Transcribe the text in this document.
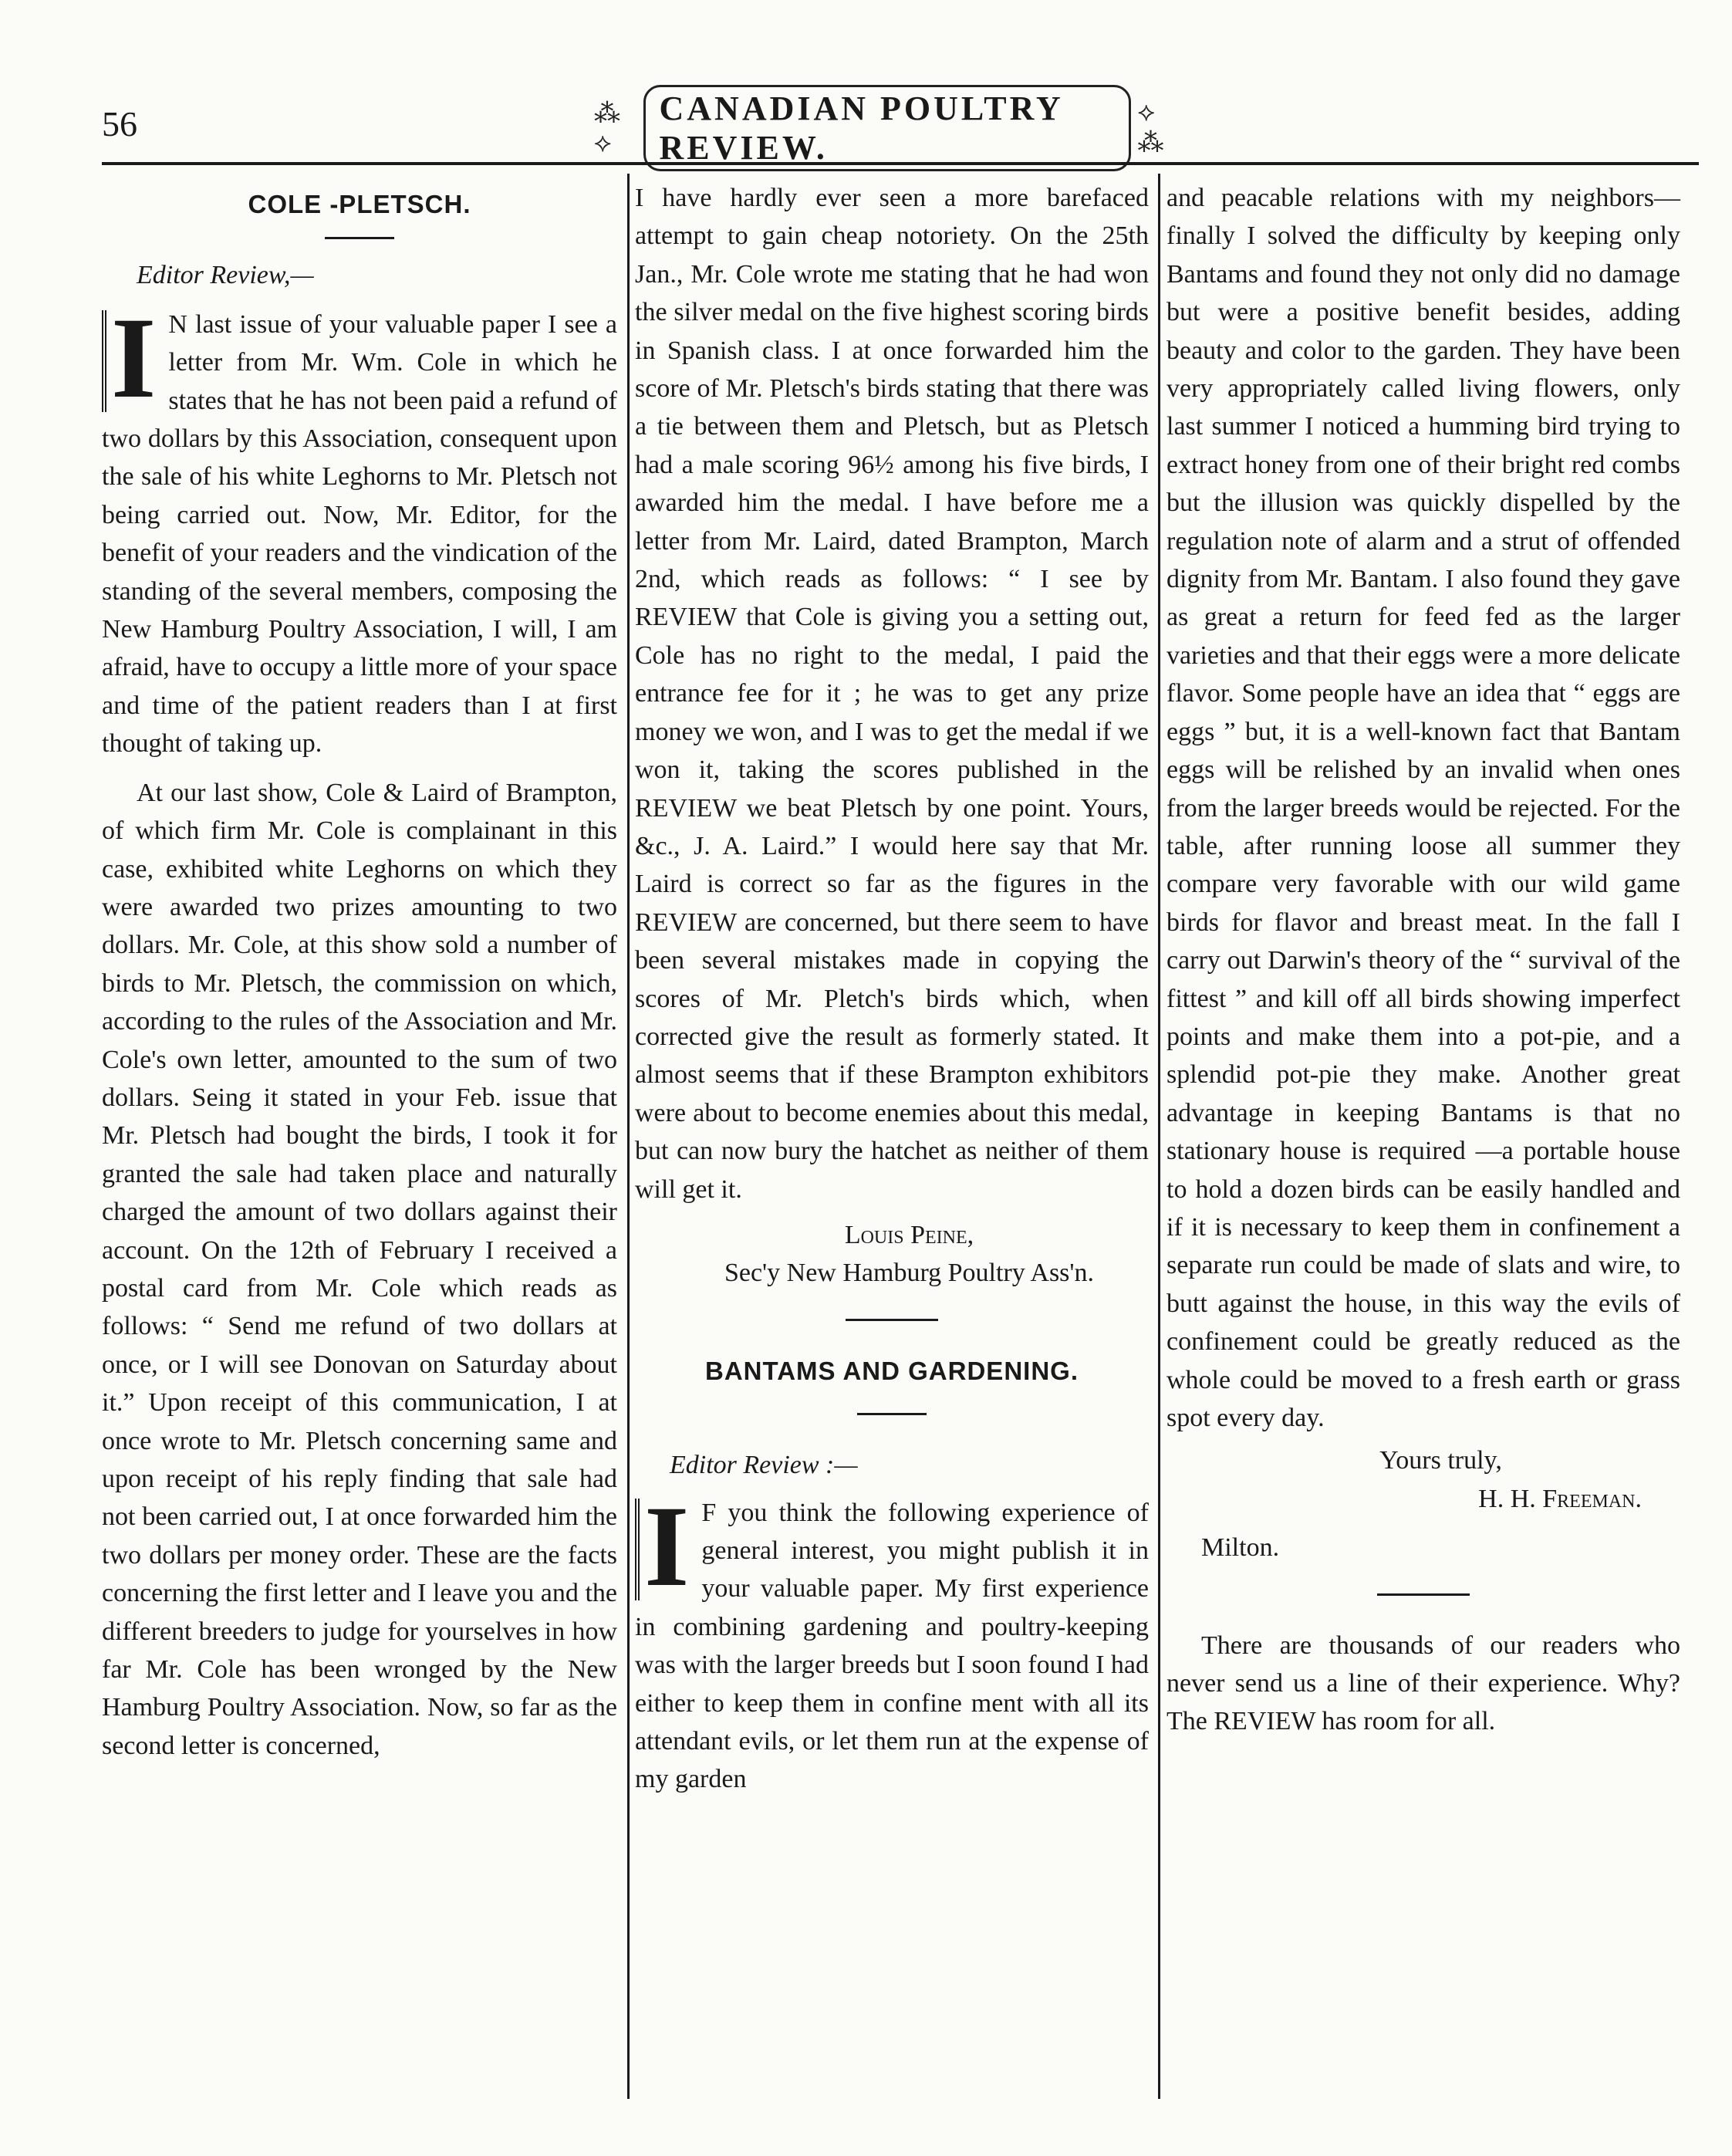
56	⁂ ⟡
CANADIAN POULTRY REVIEW.
⟡ ⁂
COLE -PLETSCH.

Editor Review,—

I N last issue of your valuable paper I see a letter from Mr. Wm. Cole in which he states that he has not been paid a refund of two dollars by this Association, consequent upon the sale of his white Leghorns to Mr. Pletsch not being carried out. Now, Mr. Editor, for the benefit of your readers and the vindication of the standing of the several members, composing the New Hamburg Poultry Association, I will, I am afraid, have to occupy a little more of your space and time of the patient readers than I at first thought of taking up.

At our last show, Cole & Laird of Brampton, of which firm Mr. Cole is complainant in this case, exhibited white Leghorns on which they were awarded two prizes amounting to two dollars. Mr. Cole, at this show sold a number of birds to Mr. Pletsch, the commission on which, according to the rules of the Association and Mr. Cole's own letter, amounted to the sum of two dollars. Seing it stated in your Feb. issue that Mr. Pletsch had bought the birds, I took it for granted the sale had taken place and naturally charged the amount of two dollars against their account. On the 12th of February I received a postal card from Mr. Cole which reads as follows: “ Send me refund of two dollars at once, or I will see Donovan on Saturday about it.” Upon receipt of this communication, I at once wrote to Mr. Pletsch concerning same and upon receipt of his reply finding that sale had not been carried out, I at once forwarded him the two dollars per money order. These are the facts concerning the first letter and I leave you and the different breeders to judge for yourselves in how far Mr. Cole has been wronged by the New Hamburg Poultry Association. Now, so far as the second letter is concerned,

I have hardly ever seen a more barefaced attempt to gain cheap notoriety. On the 25th Jan., Mr. Cole wrote me stating that he had won the silver medal on the five highest scoring birds in Spanish class. I at once forwarded him the score of Mr. Pletsch's birds stating that there was a tie between them and Pletsch, but as Pletsch had a male scoring 96½ among his five birds, I awarded him the medal. I have before me a letter from Mr. Laird, dated Brampton, March 2nd, which reads as follows: “ I see by REVIEW that Cole is giving you a setting out, Cole has no right to the medal, I paid the entrance fee for it ; he was to get any prize money we won, and I was to get the medal if we won it, taking the scores published in the REVIEW we beat Pletsch by one point. Yours, &c., J. A. Laird.” I would here say that Mr. Laird is correct so far as the figures in the REVIEW are concerned, but there seem to have been several mistakes made in copying the scores of Mr. Pletch's birds which, when corrected give the result as formerly stated. It almost seems that if these Brampton exhibitors were about to become enemies about this medal, but can now bury the hatchet as neither of them will get it.

Louis Peine,

Sec'y New Hamburg Poultry Ass'n.

BANTAMS AND GARDENING.

Editor Review :—

I F you think the following experience of general interest, you might publish it in your valuable paper. My first experience in combining gardening and poultry-keeping was with the larger breeds but I soon found I had either to keep them in confine ment with all its attendant evils, or let them run at the expense of my garden

and peacable relations with my neighbors—finally I solved the difficulty by keeping only Bantams and found they not only did no damage but were a positive benefit besides, adding beauty and color to the garden. They have been very appropriately called living flowers, only last summer I noticed a humming bird trying to extract honey from one of their bright red combs but the illusion was quickly dispelled by the regulation note of alarm and a strut of offended dignity from Mr. Bantam. I also found they gave as great a return for feed fed as the larger varieties and that their eggs were a more delicate flavor. Some people have an idea that “ eggs are eggs ” but, it is a well-known fact that Bantam eggs will be relished by an invalid when ones from the larger breeds would be rejected. For the table, after running loose all summer they compare very favorable with our wild game birds for flavor and breast meat. In the fall I carry out Darwin's theory of the “ survival of the fittest ” and kill off all birds showing imperfect points and make them into a pot-pie, and a splendid pot-pie they make. Another great advantage in keeping Bantams is that no stationary house is required —a portable house to hold a dozen birds can be easily handled and if it is necessary to keep them in confinement a separate run could be made of slats and wire, to butt against the house, in this way the evils of confinement could be greatly reduced as the whole could be moved to a fresh earth or grass spot every day.

Yours truly,

H. H. Freeman.

Milton.

There are thousands of our readers who never send us a line of their experience. Why? The REVIEW has room for all.
